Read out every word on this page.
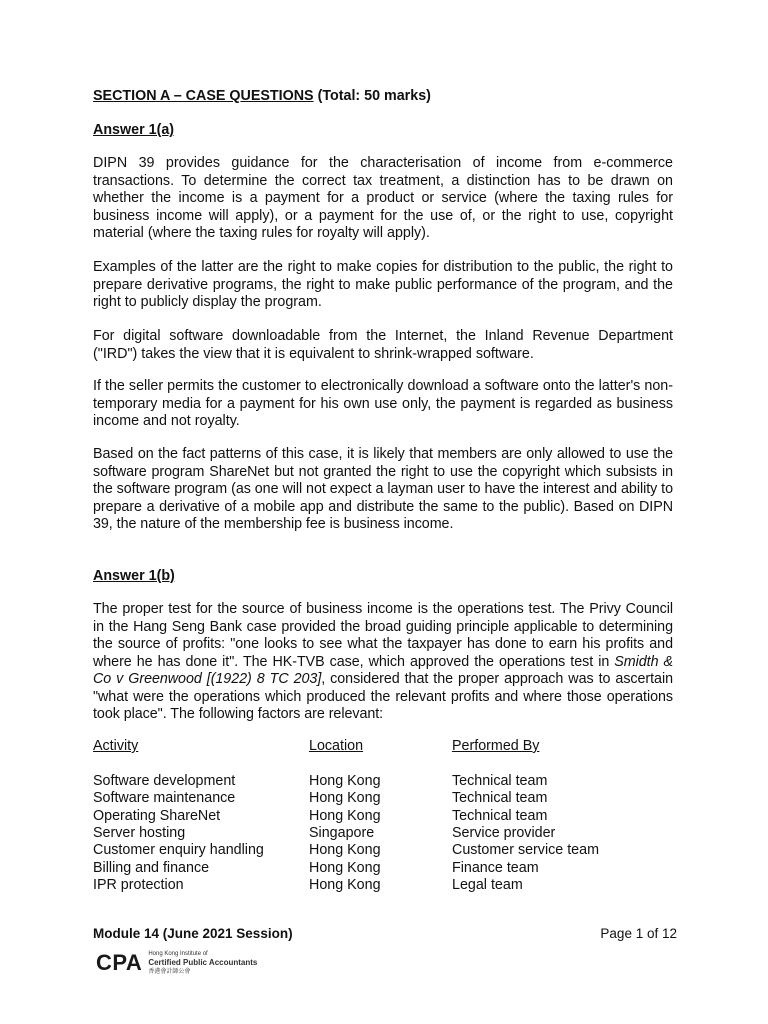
SECTION A – CASE QUESTIONS (Total: 50 marks)
Answer 1(a)
DIPN 39 provides guidance for the characterisation of income from e-commerce transactions. To determine the correct tax treatment, a distinction has to be drawn on whether the income is a payment for a product or service (where the taxing rules for business income will apply), or a payment for the use of, or the right to use, copyright material (where the taxing rules for royalty will apply).
Examples of the latter are the right to make copies for distribution to the public, the right to prepare derivative programs, the right to make public performance of the program, and the right to publicly display the program.
For digital software downloadable from the Internet, the Inland Revenue Department ("IRD") takes the view that it is equivalent to shrink-wrapped software.
If the seller permits the customer to electronically download a software onto the latter's non-temporary media for a payment for his own use only, the payment is regarded as business income and not royalty.
Based on the fact patterns of this case, it is likely that members are only allowed to use the software program ShareNet but not granted the right to use the copyright which subsists in the software program (as one will not expect a layman user to have the interest and ability to prepare a derivative of a mobile app and distribute the same to the public). Based on DIPN 39, the nature of the membership fee is business income.
Answer 1(b)
The proper test for the source of business income is the operations test. The Privy Council in the Hang Seng Bank case provided the broad guiding principle applicable to determining the source of profits: "one looks to see what the taxpayer has done to earn his profits and where he has done it". The HK-TVB case, which approved the operations test in Smidth & Co v Greenwood [(1922) 8 TC 203], considered that the proper approach was to ascertain "what were the operations which produced the relevant profits and where those operations took place". The following factors are relevant:
Activity	Location	Performed By
Software development	Hong Kong	Technical team
Software maintenance	Hong Kong	Technical team
Operating ShareNet	Hong Kong	Technical team
Server hosting	Singapore	Service provider
Customer enquiry handling	Hong Kong	Customer service team
Billing and finance	Hong Kong	Finance team
IPR protection	Hong Kong	Legal team
Module 14 (June 2021 Session)	Page 1 of 12
CPA Hong Kong Institute of
Certified Public Accountants
香港會計師公會
